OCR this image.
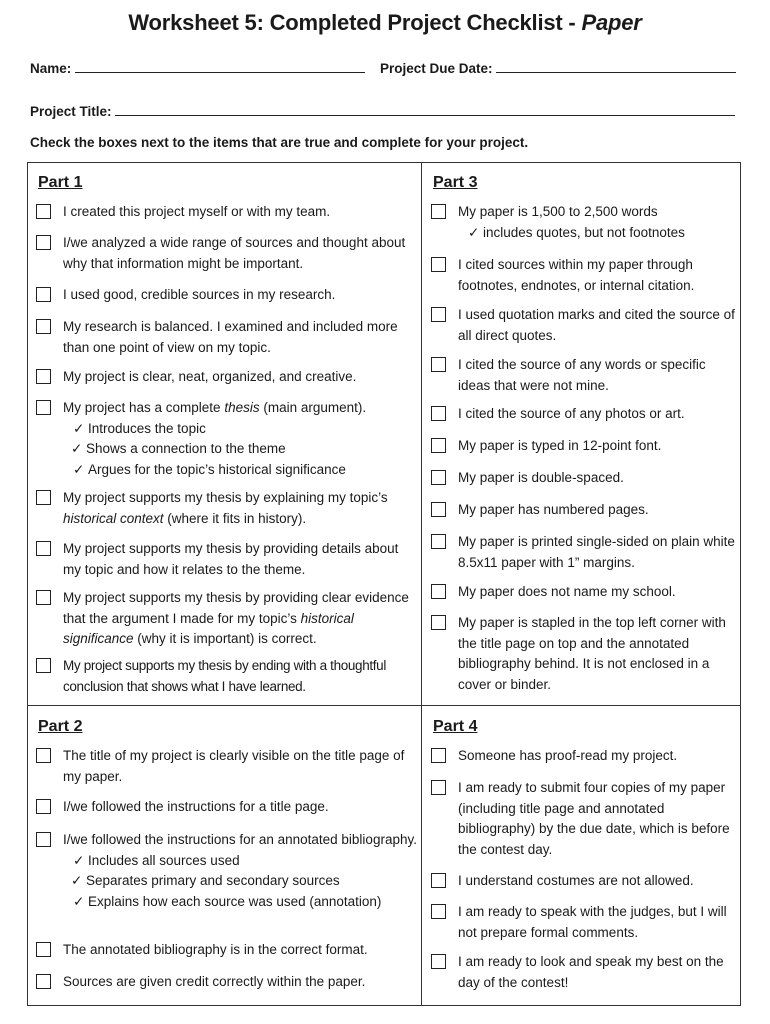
Worksheet 5: Completed Project Checklist - Paper
Name:	Project Due Date:
Project Title:
Check the boxes next to the items that are true and complete for your project.
Part 1
I created this project myself or with my team.
I/we analyzed a wide range of sources and thought about why that information might be important.
I used good, credible sources in my research.
My research is balanced. I examined and included more than one point of view on my topic.
My project is clear, neat, organized, and creative.
My project has a complete thesis (main argument).
✓ Introduces the topic
✓ Shows a connection to the theme
✓ Argues for the topic’s historical significance
My project supports my thesis by explaining my topic’s historical context (where it fits in history).
My project supports my thesis by providing details about my topic and how it relates to the theme.
My project supports my thesis by providing clear evidence that the argument I made for my topic’s historical significance (why it is important) is correct.
My project supports my thesis by ending with a thoughtful conclusion that shows what I have learned.
Part 3
My paper is 1,500 to 2,500 words
✓ includes quotes, but not footnotes
I cited sources within my paper through footnotes, endnotes, or internal citation.
I used quotation marks and cited the source of all direct quotes.
I cited the source of any words or specific ideas that were not mine.
I cited the source of any photos or art.
My paper is typed in 12-point font.
My paper is double-spaced.
My paper has numbered pages.
My paper is printed single-sided on plain white 8.5x11 paper with 1” margins.
My paper does not name my school.
My paper is stapled in the top left corner with the title page on top and the annotated bibliography behind. It is not enclosed in a cover or binder.
Part 2
The title of my project is clearly visible on the title page of my paper.
I/we followed the instructions for a title page.
I/we followed the instructions for an annotated bibliography.
✓ Includes all sources used
✓ Separates primary and secondary sources
✓ Explains how each source was used (annotation)
The annotated bibliography is in the correct format.
Sources are given credit correctly within the paper.
Part 4
Someone has proof-read my project.
I am ready to submit four copies of my paper (including title page and annotated bibliography) by the due date, which is before the contest day.
I understand costumes are not allowed.
I am ready to speak with the judges, but I will not prepare formal comments.
I am ready to look and speak my best on the day of the contest!
